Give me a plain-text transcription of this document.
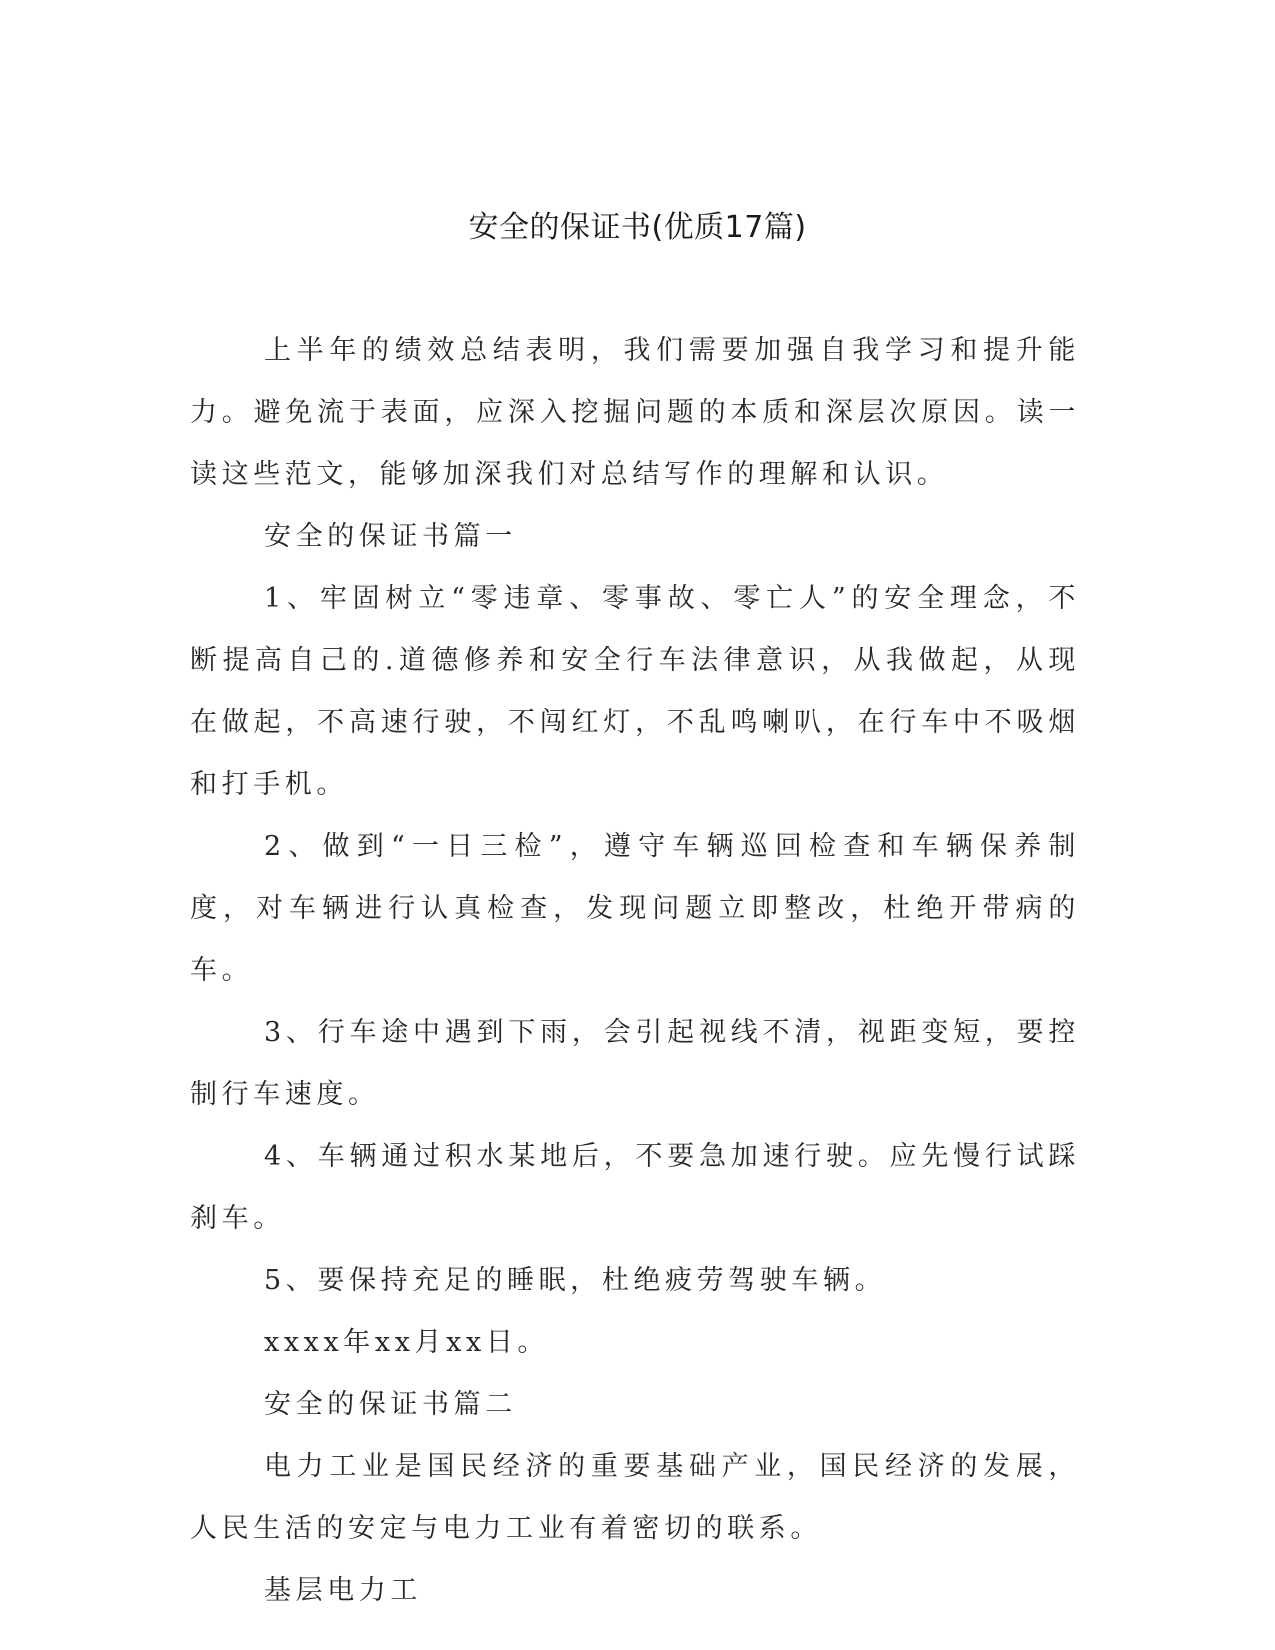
安全的保证书(优质17篇)

上半年的绩效总结表明，我们需要加强自我学习和提升能力。避免流于表面，应深入挖掘问题的本质和深层次原因。读一读这些范文，能够加深我们对总结写作的理解和认识。

安全的保证书篇一

1、牢固树立“零违章、零事故、零亡人”的安全理念，不断提高自己的.道德修养和安全行车法律意识，从我做起，从现在做起，不高速行驶，不闯红灯，不乱鸣喇叭，在行车中不吸烟和打手机。

2、做到“一日三检”，遵守车辆巡回检查和车辆保养制度，对车辆进行认真检查，发现问题立即整改，杜绝开带病的车。

3、行车途中遇到下雨，会引起视线不清，视距变短，要控制行车速度。

4、车辆通过积水某地后，不要急加速行驶。应先慢行试踩刹车。

5、要保持充足的睡眠，杜绝疲劳驾驶车辆。

xxxx年xx月xx日。

安全的保证书篇二

电力工业是国民经济的重要基础产业，国民经济的发展，人民生活的安定与电力工业有着密切的联系。

基层电力工
